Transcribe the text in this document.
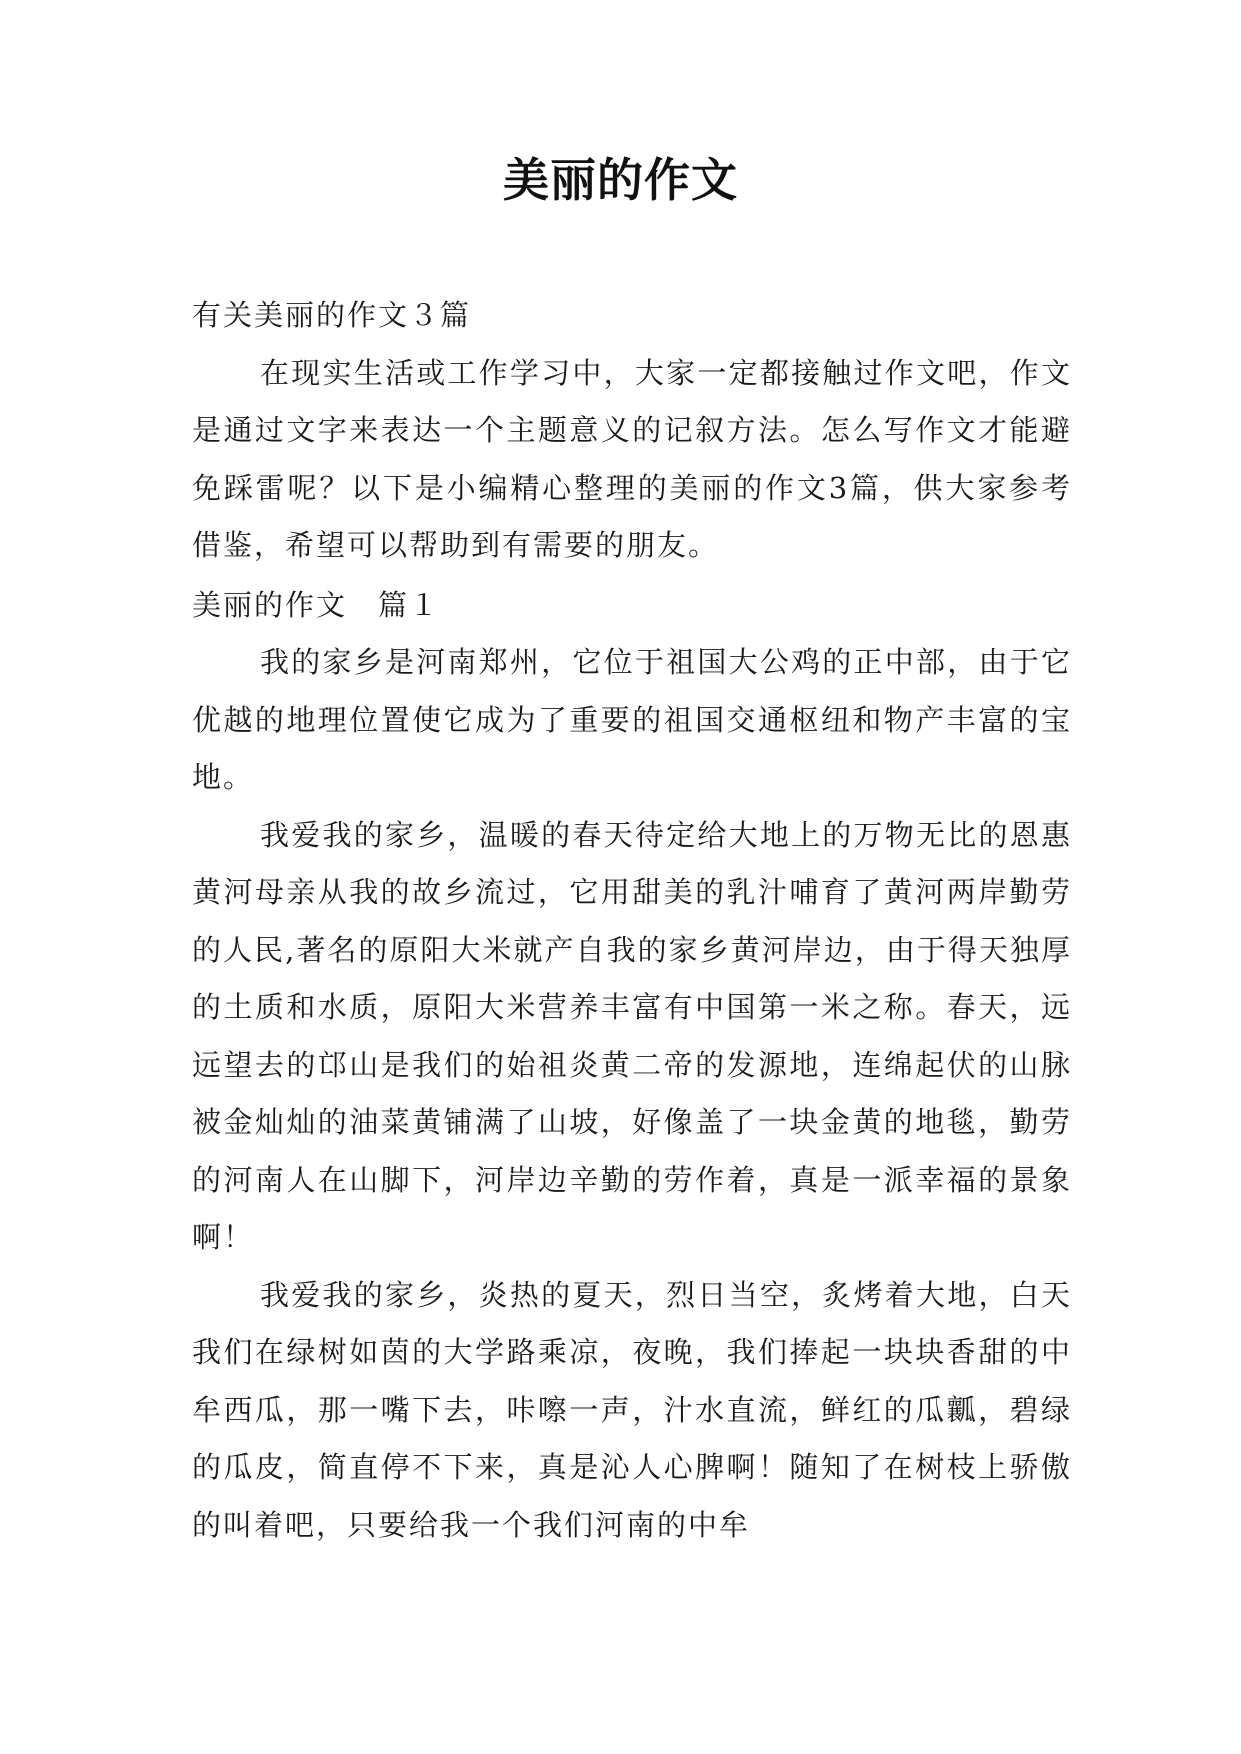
美丽的作文

有关美丽的作文３篇

在现实生活或工作学习中，大家一定都接触过作文吧，作文是通过文字来表达一个主题意义的记叙方法。怎么写作文才能避免踩雷呢？以下是小编精心整理的美丽的作文3篇，供大家参考借鉴，希望可以帮助到有需要的朋友。

美丽的作文　篇１

我的家乡是河南郑州，它位于祖国大公鸡的正中部，由于它优越的地理位置使它成为了重要的祖国交通枢纽和物产丰富的宝地。

我爱我的家乡，温暖的春天待定给大地上的万物无比的恩惠黄河母亲从我的故乡流过，它用甜美的乳汁哺育了黄河两岸勤劳的人民,著名的原阳大米就产自我的家乡黄河岸边，由于得天独厚的土质和水质，原阳大米营养丰富有中国第一米之称。春天，远远望去的邙山是我们的始祖炎黄二帝的发源地，连绵起伏的山脉被金灿灿的油菜黄铺满了山坡，好像盖了一块金黄的地毯，勤劳的河南人在山脚下，河岸边辛勤的劳作着，真是一派幸福的景象啊！

我爱我的家乡，炎热的夏天，烈日当空，炙烤着大地，白天我们在绿树如茵的大学路乘凉，夜晚，我们捧起一块块香甜的中牟西瓜，那一嘴下去，咔嚓一声，汁水直流，鲜红的瓜瓤，碧绿的瓜皮，简直停不下来，真是沁人心脾啊！随知了在树枝上骄傲的叫着吧，只要给我一个我们河南的中牟
